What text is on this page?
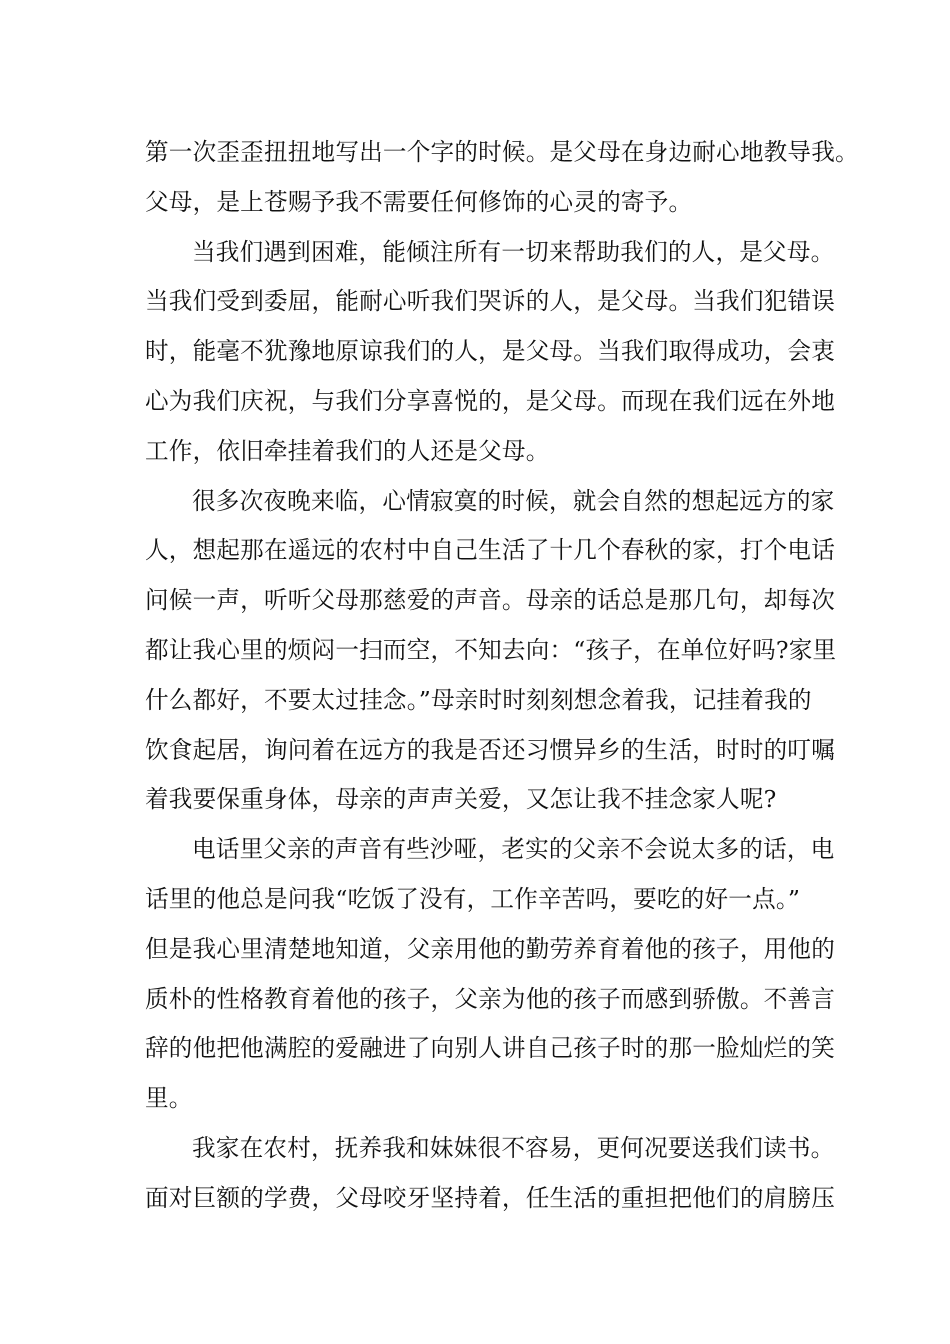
第一次歪歪扭扭地写出一个字的时候。是父母在身边耐心地教导我。
父母，是上苍赐予我不需要任何修饰的心灵的寄予。
当我们遇到困难，能倾注所有一切来帮助我们的人，是父母。
当我们受到委屈，能耐心听我们哭诉的人，是父母。当我们犯错误
时，能毫不犹豫地原谅我们的人，是父母。当我们取得成功，会衷
心为我们庆祝，与我们分享喜悦的，是父母。而现在我们远在外地
工作，依旧牵挂着我们的人还是父母。
很多次夜晚来临，心情寂寞的时候，就会自然的想起远方的家
人，想起那在遥远的农村中自己生活了十几个春秋的家，打个电话
问候一声，听听父母那慈爱的声音。母亲的话总是那几句，却每次
都让我心里的烦闷一扫而空，不知去向：“孩子，在单位好吗?家里
什么都好，不要太过挂念。”母亲时时刻刻想念着我，记挂着我的
饮食起居，询问着在远方的我是否还习惯异乡的生活，时时的叮嘱
着我要保重身体，母亲的声声关爱，又怎让我不挂念家人呢?
电话里父亲的声音有些沙哑，老实的父亲不会说太多的话，电
话里的他总是问我“吃饭了没有，工作辛苦吗，要吃的好一点。”
但是我心里清楚地知道，父亲用他的勤劳养育着他的孩子，用他的
质朴的性格教育着他的孩子，父亲为他的孩子而感到骄傲。不善言
辞的他把他满腔的爱融进了向别人讲自己孩子时的那一脸灿烂的笑
里。
我家在农村，抚养我和妹妹很不容易，更何况要送我们读书。
面对巨额的学费，父母咬牙坚持着，任生活的重担把他们的肩膀压
